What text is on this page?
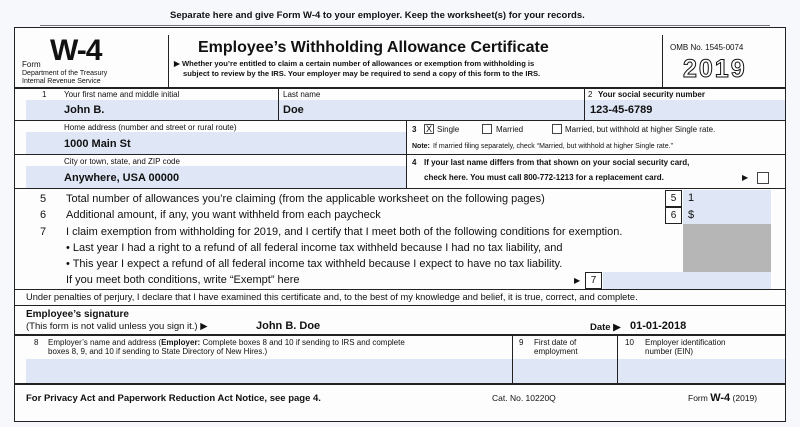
Separate here and give Form W-4 to your employer. Keep the worksheet(s) for your records.
Form W-4
Department of the Treasury
Internal Revenue Service
Employee’s Withholding Allowance Certificate
▶ Whether you’re entitled to claim a certain number of allowances or exemption from withholding is
subject to review by the IRS. Your employer may be required to send a copy of this form to the IRS.
OMB No. 1545-0074
2019
1 Your first name and middle initial
John B.
Last name
Doe
2 Your social security number
123-45-6789
Home address (number and street or rural route)
1000 Main St
3 X Single	Married	Married, but withhold at higher Single rate.
Note: If married filing separately, check “Married, but withhold at higher Single rate.”
City or town, state, and ZIP code
Anywhere, USA 00000
4 If your last name differs from that shown on your social security card,
check here. You must call 800-772-1213 for a replacement card.	▶
5 Total number of allowances you’re claiming (from the applicable worksheet on the following pages)	5	1
6 Additional amount, if any, you want withheld from each paycheck	6	$
7 I claim exemption from withholding for 2019, and I certify that I meet both of the following conditions for exemption.
• Last year I had a right to a refund of all federal income tax withheld because I had no tax liability, and
• This year I expect a refund of all federal income tax withheld because I expect to have no tax liability.
If you meet both conditions, write “Exempt” here	▶	7
Under penalties of perjury, I declare that I have examined this certificate and, to the best of my knowledge and belief, it is true, correct, and complete.
Employee’s signature
(This form is not valid unless you sign it.) ▶	John B. Doe	Date ▶ 01-01-2018
8 Employer’s name and address (Employer: Complete boxes 8 and 10 if sending to IRS and complete
boxes 8, 9, and 10 if sending to State Directory of New Hires.)
9 First date of
employment
10 Employer identification
number (EIN)
For Privacy Act and Paperwork Reduction Act Notice, see page 4.	Cat. No. 10220Q	Form W-4 (2019)
